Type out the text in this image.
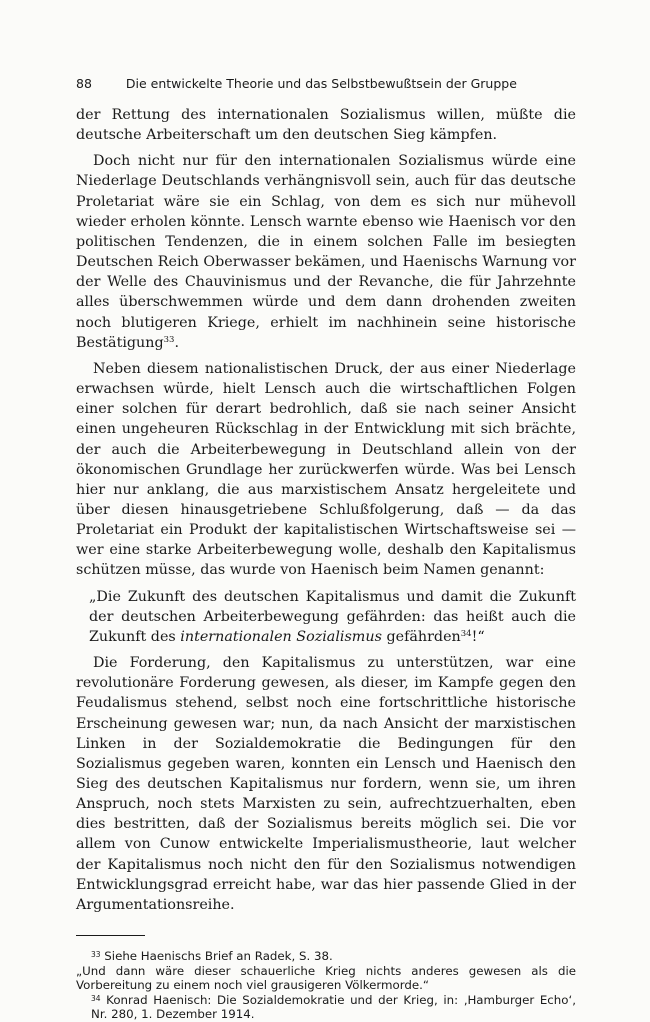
88	Die entwickelte Theorie und das Selbstbewußtsein der Gruppe

der Rettung des internationalen Sozialismus willen, müßte die deutsche Arbeiterschaft um den deutschen Sieg kämpfen.

Doch nicht nur für den internationalen Sozialismus würde eine Niederlage Deutschlands verhängnisvoll sein, auch für das deutsche Proletariat wäre sie ein Schlag, von dem es sich nur mühevoll wieder erholen könnte. Lensch warnte ebenso wie Haenisch vor den politischen Tendenzen, die in einem solchen Falle im besiegten Deutschen Reich Oberwasser bekämen, und Haenischs Warnung vor der Welle des Chauvinismus und der Revanche, die für Jahrzehnte alles überschwemmen würde und dem dann drohenden zweiten noch blutigeren Kriege, erhielt im nachhinein seine historische Bestätigung$^{33}$.

Neben diesem nationalistischen Druck, der aus einer Niederlage erwachsen würde, hielt Lensch auch die wirtschaftlichen Folgen einer solchen für derart bedrohlich, daß sie nach seiner Ansicht einen ungeheuren Rückschlag in der Entwicklung mit sich brächte, der auch die Arbeiterbewegung in Deutschland allein von der ökonomischen Grundlage her zurückwerfen würde. Was bei Lensch hier nur anklang, die aus marxistischem Ansatz hergeleitete und über diesen hinausgetriebene Schlußfolgerung, daß — da das Proletariat ein Produkt der kapitalistischen Wirtschaftsweise sei — wer eine starke Arbeiterbewegung wolle, deshalb den Kapitalismus schützen müsse, das wurde von Haenisch beim Namen genannt:

„Die Zukunft des deutschen Kapitalismus und damit die Zukunft der deutschen Arbeiterbewegung gefährden: das heißt auch die Zukunft des internationalen Sozialismus gefährden$^{34}$!“

Die Forderung, den Kapitalismus zu unterstützen, war eine revolutionäre Forderung gewesen, als dieser, im Kampfe gegen den Feudalismus stehend, selbst noch eine fortschrittliche historische Erscheinung gewesen war; nun, da nach Ansicht der marxistischen Linken in der Sozialdemokratie die Bedingungen für den Sozialismus gegeben waren, konnten ein Lensch und Haenisch den Sieg des deutschen Kapitalismus nur fordern, wenn sie, um ihren Anspruch, noch stets Marxisten zu sein, aufrechtzuerhalten, eben dies bestritten, daß der Sozialismus bereits möglich sei. Die vor allem von Cunow entwickelte Imperialismustheorie, laut welcher der Kapitalismus noch nicht den für den Sozialismus notwendigen Entwicklungsgrad erreicht habe, war das hier passende Glied in der Argumentationsreihe.

$^{33}$ Siehe Haenischs Brief an Radek, S. 38.

„Und dann wäre dieser schauerliche Krieg nichts anderes gewesen als die Vorbereitung zu einem noch viel grausigeren Völkermorde.“

$^{34}$ Konrad Haenisch: Die Sozialdemokratie und der Krieg, in: ‚Hamburger Echo‘, Nr. 280, 1. Dezember 1914.
